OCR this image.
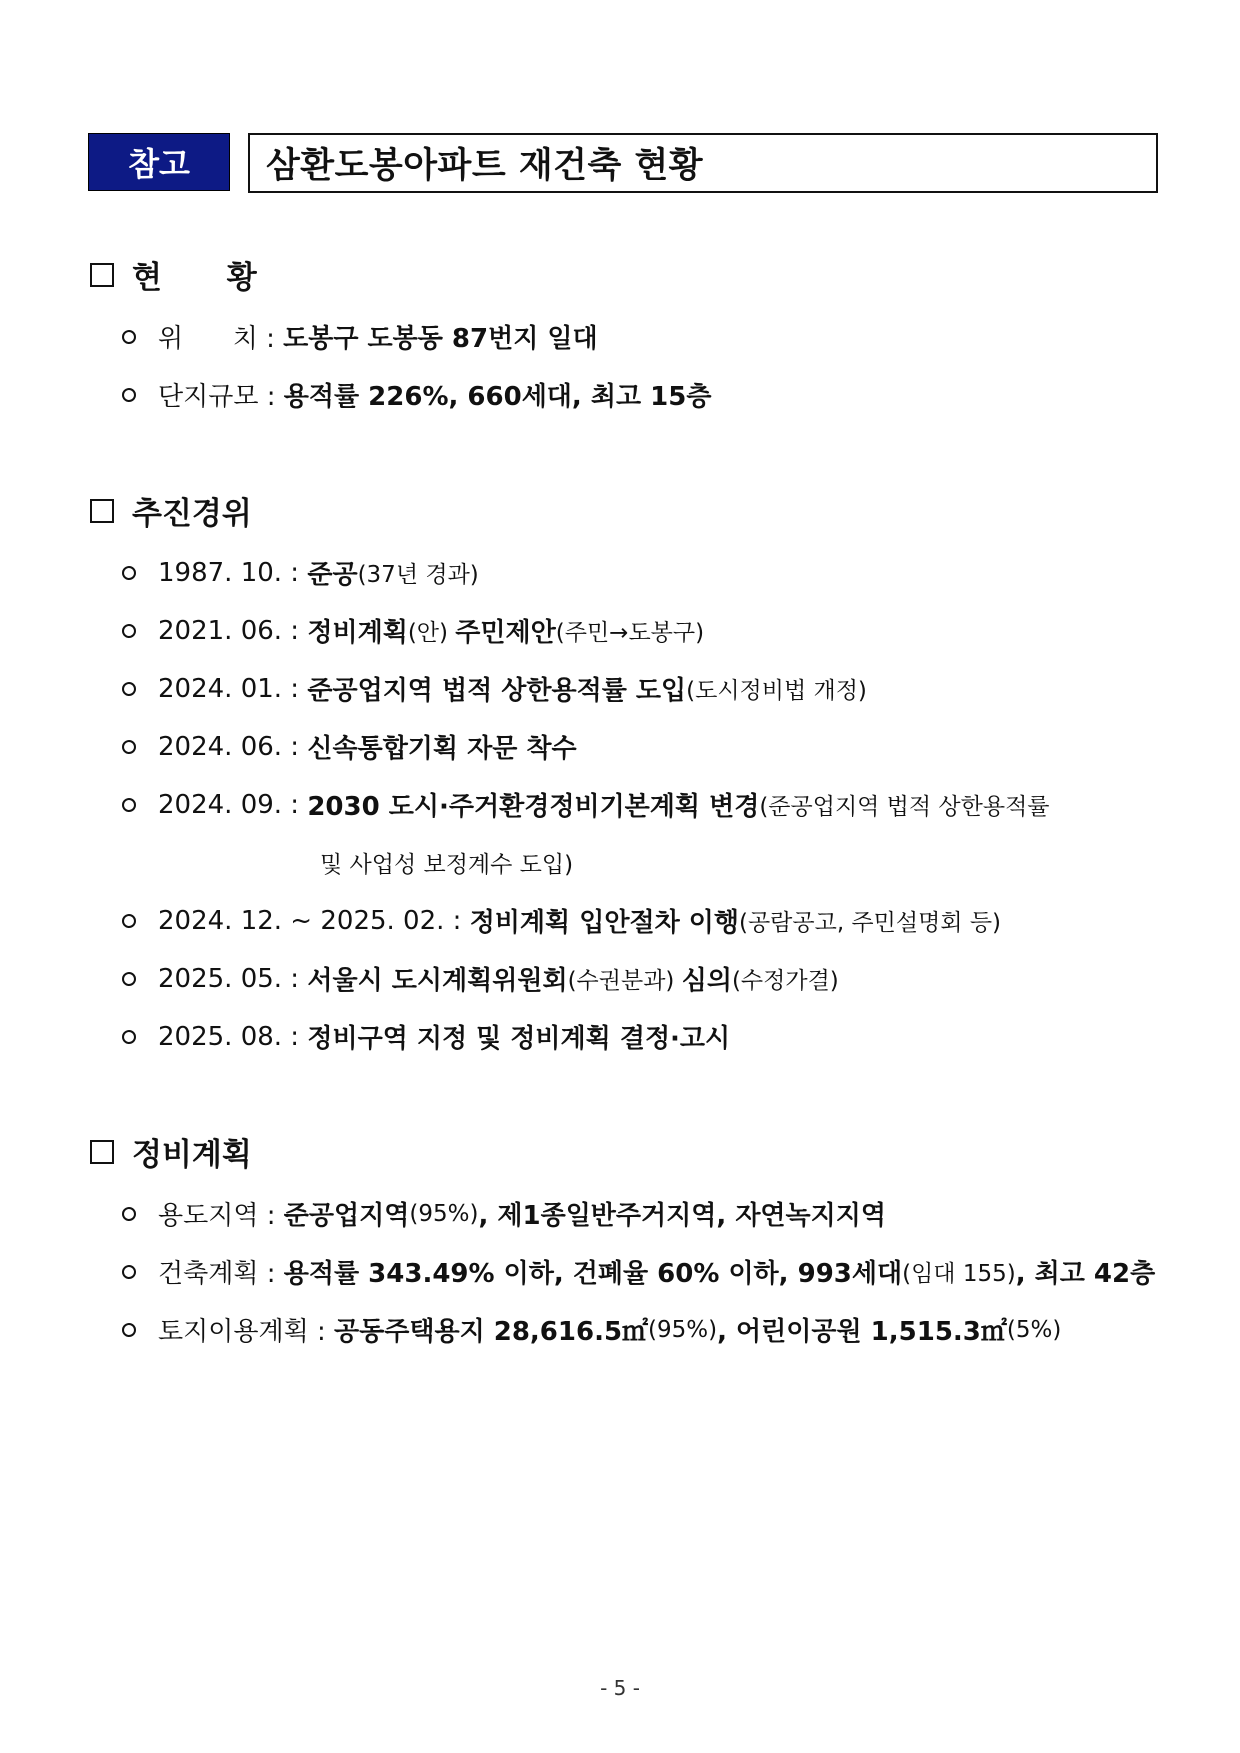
참고	삼환도봉아파트 재건축 현황
현      황
위      치 : 도봉구 도봉동 87번지 일대
단지규모 : 용적률 226%, 660세대, 최고 15층
추진경위
1987. 10. : 준공 (37년 경과)
2021. 06. : 정비계획 (안) 주민제안 (주민→도봉구)
2024. 01. : 준공업지역 법적 상한용적률 도입 (도시정비법 개정)
2024. 06. : 신속통합기획 자문 착수
2024. 09. : 2030 도시·주거환경정비기본계획 변경 (준공업지역 법적 상한용적률
및 사업성 보정계수 도입)
2024. 12. ~ 2025. 02. : 정비계획 입안절차 이행 (공람공고, 주민설명회 등)
2025. 05. : 서울시 도시계획위원회 (수권분과) 심의 (수정가결)
2025. 08. : 정비구역 지정 및 정비계획 결정·고시
정비계획
용도지역 : 준공업지역 (95%) , 제1종일반주거지역, 자연녹지지역
건축계획 : 용적률 343.49% 이하, 건폐율 60% 이하, 993세대 (임대 155) , 최고 42층
토지이용계획 : 공동주택용지 28,616.5㎡ (95%) , 어린이공원 1,515.3㎡ (5%)
- 5 -
